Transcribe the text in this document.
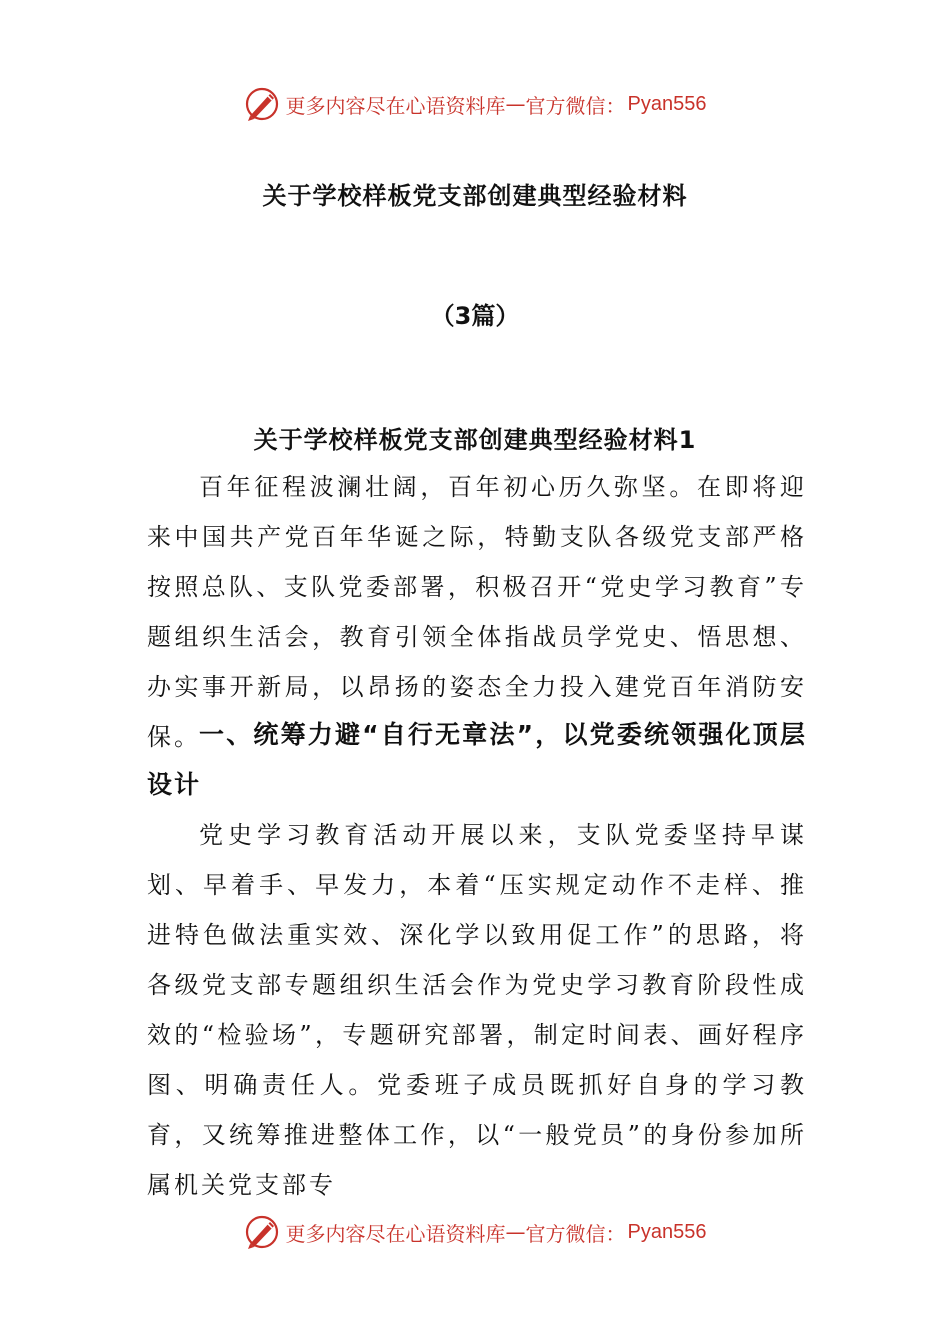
更多内容尽在心语资料库 — 官方微信： Pyan556
关于学校样板党支部创建典型经验材料
（3篇）
关于学校样板党支部创建典型经验材料1
百年征程波澜壮阔，百年初心历久弥坚。在即将迎来中国共产党百年华诞之际，特勤支队各级党支部严格按照总队、支队党委部署，积极召开“党史学习教育”专题组织生活会，教育引领全体指战员学党史、悟思想、办实事开新局，以昂扬的姿态全力投入建党百年消防安保。
一、统筹力避“自行无章法”，以党委统领强化顶层设计
党史学习教育活动开展以来，支队党委坚持早谋划、早着手、早发力，本着“压实规定动作不走样、推进特色做法重实效、深化学以致用促工作”的思路，将各级党支部专题组织生活会作为党史学习教育阶段性成效的“检验场”，专题研究部署，制定时间表、画好程序图、明确责任人。党委班子成员既抓好自身的学习教育，又统筹推进整体工作，以“一般党员”的身份参加所属机关党支部专
更多内容尽在心语资料库 — 官方微信： Pyan556
